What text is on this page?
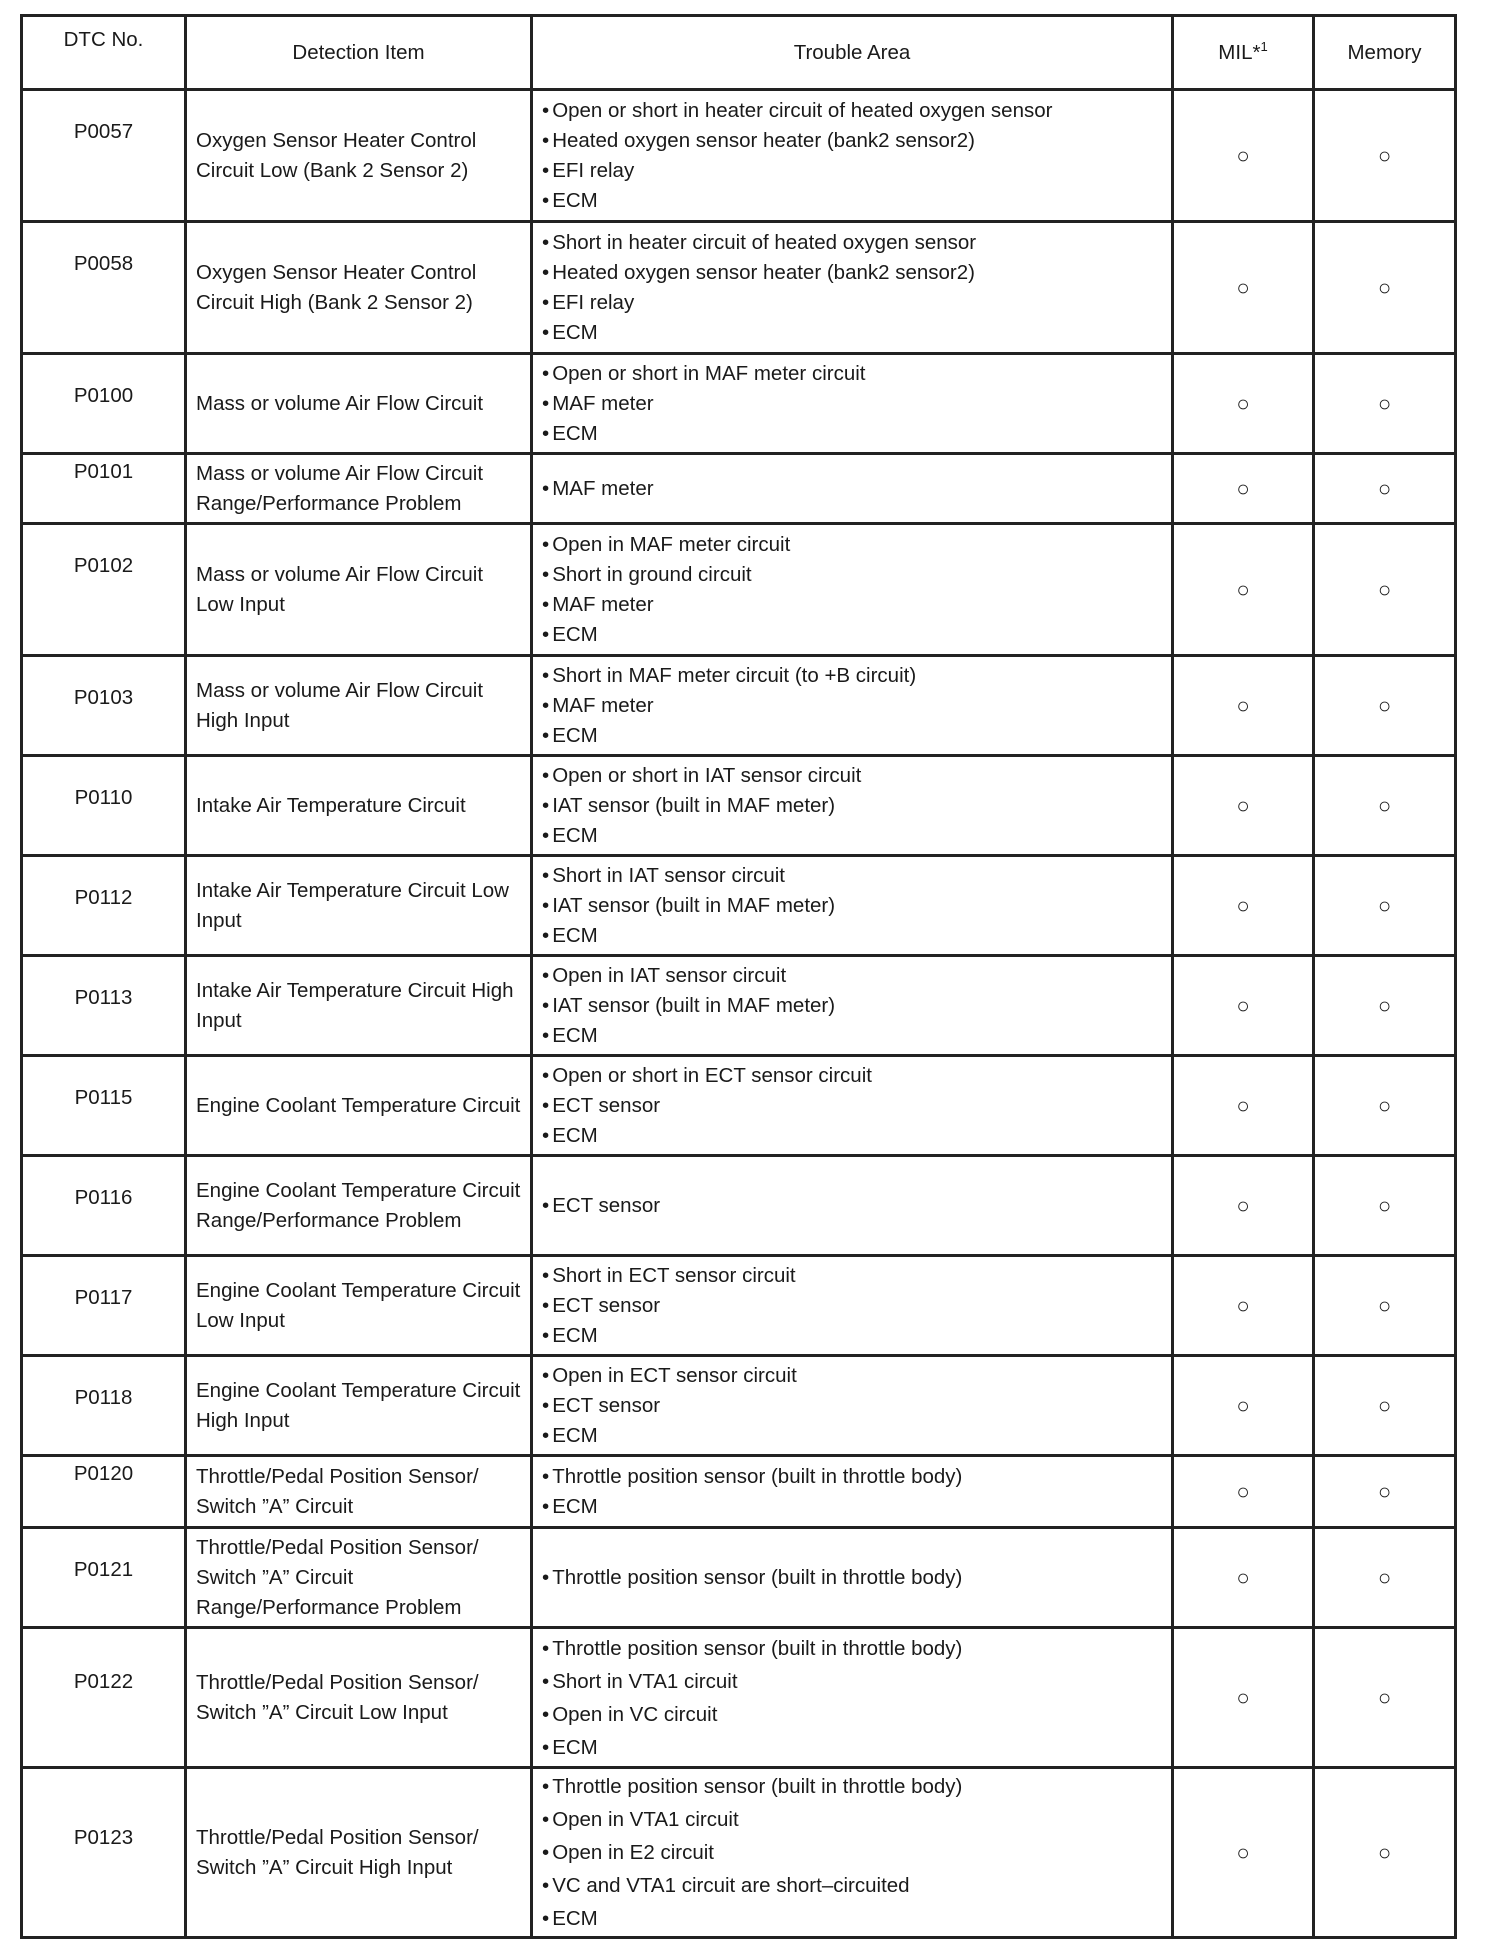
DTC No.	Detection Item	Trouble Area	MIL*$^1$	Memory
P0057	Oxygen Sensor Heater Control Circuit Low (Bank 2 Sensor 2)	• Open or short in heater circuit of heated oxygen sensor
• Heated oxygen sensor heater (bank2 sensor2)
• EFI relay
• ECM	○	○
P0058	Oxygen Sensor Heater Control Circuit High (Bank 2 Sensor 2)	• Short in heater circuit of heated oxygen sensor
• Heated oxygen sensor heater (bank2 sensor2)
• EFI relay
• ECM	○	○
P0100	Mass or volume Air Flow Circuit	• Open or short in MAF meter circuit
• MAF meter
• ECM	○	○
P0101	Mass or volume Air Flow Circuit Range/Performance Problem	• MAF meter	○	○
P0102	Mass or volume Air Flow Circuit Low Input	• Open in MAF meter circuit
• Short in ground circuit
• MAF meter
• ECM	○	○
P0103	Mass or volume Air Flow Circuit High Input	• Short in MAF meter circuit (to +B circuit)
• MAF meter
• ECM	○	○
P0110	Intake Air Temperature Circuit	• Open or short in IAT sensor circuit
• IAT sensor (built in MAF meter)
• ECM	○	○
P0112	Intake Air Temperature Circuit Low Input	• Short in IAT sensor circuit
• IAT sensor (built in MAF meter)
• ECM	○	○
P0113	Intake Air Temperature Circuit High Input	• Open in IAT sensor circuit
• IAT sensor (built in MAF meter)
• ECM	○	○
P0115	Engine Coolant Temperature Circuit	• Open or short in ECT sensor circuit
• ECT sensor
• ECM	○	○
P0116	Engine Coolant Temperature Circuit Range/Performance Problem	• ECT sensor	○	○
P0117	Engine Coolant Temperature Circuit Low Input	• Short in ECT sensor circuit
• ECT sensor
• ECM	○	○
P0118	Engine Coolant Temperature Circuit High Input	• Open in ECT sensor circuit
• ECT sensor
• ECM	○	○
P0120	Throttle/Pedal Position Sensor/ Switch ”A” Circuit	• Throttle position sensor (built in throttle body)
• ECM	○	○
P0121	Throttle/Pedal Position Sensor/ Switch ”A” Circuit Range/Performance Problem	• Throttle position sensor (built in throttle body)	○	○
P0122	Throttle/Pedal Position Sensor/ Switch ”A” Circuit Low Input	• Throttle position sensor (built in throttle body)
• Short in VTA1 circuit
• Open in VC circuit
• ECM	○	○
P0123	Throttle/Pedal Position Sensor/ Switch ”A” Circuit High Input	• Throttle position sensor (built in throttle body)
• Open in VTA1 circuit
• Open in E2 circuit
• VC and VTA1 circuit are short–circuited
• ECM	○	○
